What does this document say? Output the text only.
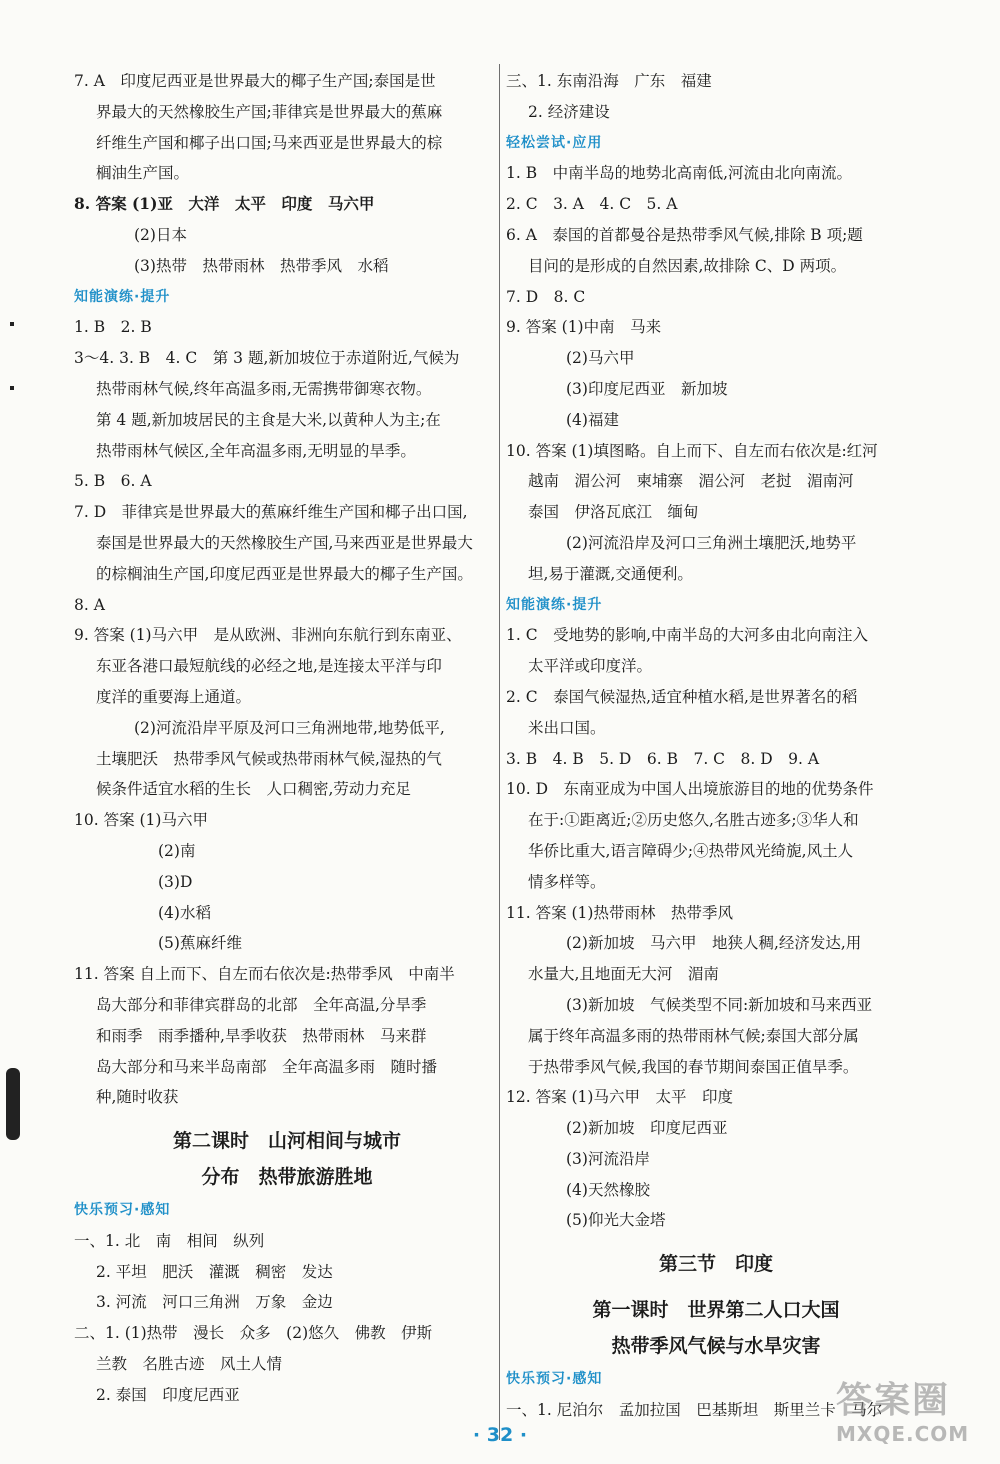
7. A　印度尼西亚是世界最大的椰子生产国;泰国是世
界最大的天然橡胶生产国;菲律宾是世界最大的蕉麻
纤维生产国和椰子出口国;马来西亚是世界最大的棕
榈油生产国。
8. 答案 (1)亚　大洋　太平　印度　马六甲
(2)日本
(3)热带　热带雨林　热带季风　水稻
知能演练·提升
1. B　2. B
3～4. 3. B　4. C　第 3 题,新加坡位于赤道附近,气候为
热带雨林气候,终年高温多雨,无需携带御寒衣物。
第 4 题,新加坡居民的主食是大米,以黄种人为主;在
热带雨林气候区,全年高温多雨,无明显的旱季。
5. B　6. A
7. D　菲律宾是世界最大的蕉麻纤维生产国和椰子出口国,
泰国是世界最大的天然橡胶生产国,马来西亚是世界最大
的棕榈油生产国,印度尼西亚是世界最大的椰子生产国。
8. A
9. 答案 (1)马六甲　是从欧洲、非洲向东航行到东南亚、
东亚各港口最短航线的必经之地,是连接太平洋与印
度洋的重要海上通道。
(2)河流沿岸平原及河口三角洲地带,地势低平,
土壤肥沃　热带季风气候或热带雨林气候,湿热的气
候条件适宜水稻的生长　人口稠密,劳动力充足
10. 答案 (1)马六甲
(2)南
(3)D
(4)水稻
(5)蕉麻纤维
11. 答案 自上而下、自左而右依次是:热带季风　中南半
岛大部分和菲律宾群岛的北部　全年高温,分旱季
和雨季　雨季播种,旱季收获　热带雨林　马来群
岛大部分和马来半岛南部　全年高温多雨　随时播
种,随时收获
第二课时　山河相间与城市
分布　热带旅游胜地
快乐预习·感知
一、1. 北　南　相间　纵列
2. 平坦　肥沃　灌溉　稠密　发达
3. 河流　河口三角洲　万象　金边
二、1. (1)热带　漫长　众多　(2)悠久　佛教　伊斯
兰教　名胜古迹　风土人情
2. 泰国　印度尼西亚
三、1. 东南沿海　广东　福建
2. 经济建设
轻松尝试·应用
1. B　中南半岛的地势北高南低,河流由北向南流。
2. C　3. A　4. C　5. A
6. A　泰国的首都曼谷是热带季风气候,排除 B 项;题
目问的是形成的自然因素,故排除 C、D 两项。
7. D　8. C
9. 答案 (1)中南　马来
(2)马六甲
(3)印度尼西亚　新加坡
(4)福建
10. 答案 (1)填图略。自上而下、自左而右依次是:红河
越南　湄公河　柬埔寨　湄公河　老挝　湄南河
泰国　伊洛瓦底江　缅甸
(2)河流沿岸及河口三角洲土壤肥沃,地势平
坦,易于灌溉,交通便利。
知能演练·提升
1. C　受地势的影响,中南半岛的大河多由北向南注入
太平洋或印度洋。
2. C　泰国气候湿热,适宜种植水稻,是世界著名的稻
米出口国。
3. B　4. B　5. D　6. B　7. C　8. D　9. A
10. D　东南亚成为中国人出境旅游目的地的优势条件
在于:①距离近;②历史悠久,名胜古迹多;③华人和
华侨比重大,语言障碍少;④热带风光绮旎,风土人
情多样等。
11. 答案 (1)热带雨林　热带季风
(2)新加坡　马六甲　地狭人稠,经济发达,用
水量大,且地面无大河　湄南
(3)新加坡　气候类型不同:新加坡和马来西亚
属于终年高温多雨的热带雨林气候;泰国大部分属
于热带季风气候,我国的春节期间泰国正值旱季。
12. 答案 (1)马六甲　太平　印度
(2)新加坡　印度尼西亚
(3)河流沿岸
(4)天然橡胶
(5)仰光大金塔
第三节　印度
第一课时　世界第二人口大国
热带季风气候与水旱灾害
快乐预习·感知
一、1. 尼泊尔　孟加拉国　巴基斯坦　斯里兰卡　马尔
· 32 ·
答案圈
MXQE.COM
